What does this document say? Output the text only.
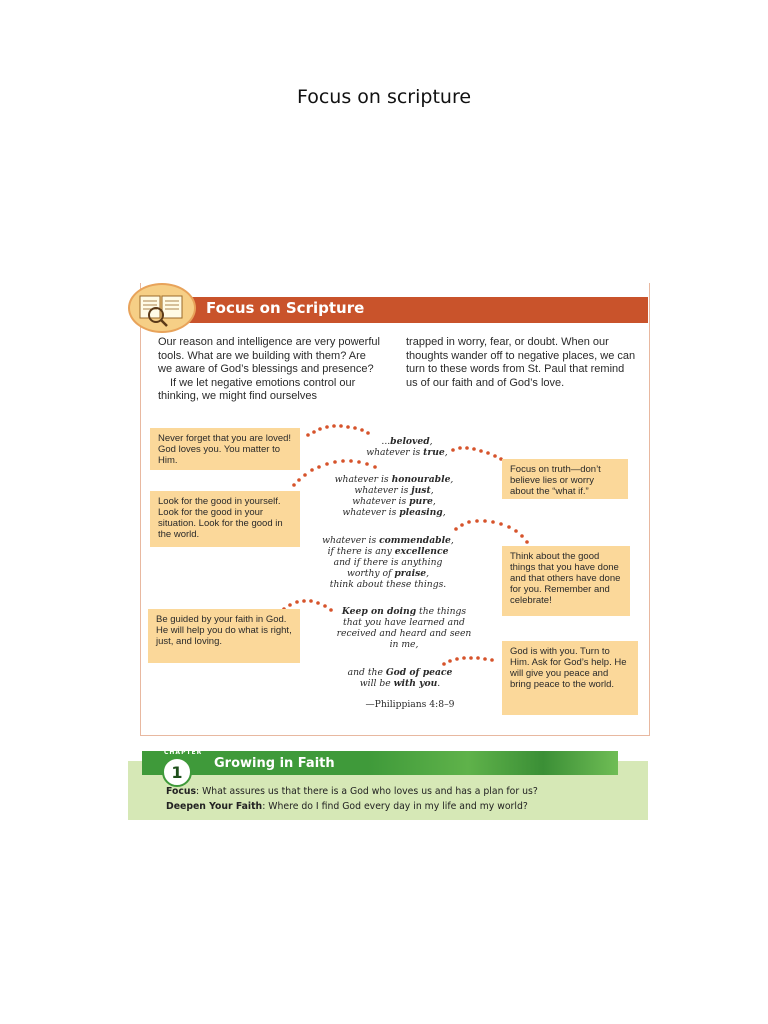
Focus on scripture
Focus on Scripture

Our reason and intelligence are very powerful tools. What are we building with them? Are we aware of God’s blessings and presence?

If we let negative emotions control our thinking, we might find ourselves

trapped in worry, fear, or doubt. When our thoughts wander off to negative places, we can turn to these words from St. Paul that remind us of our faith and of God’s love.

Never forget that you are loved! God loves you. You matter to Him.
Look for the good in yourself. Look for the good in your situation. Look for the good in the world.
Be guided by your faith in God. He will help you do what is right, just, and loving.
Focus on truth—don’t believe lies or worry about the “what if.”
Think about the good things that you have done and that others have done for you. Remember and celebrate!
God is with you. Turn to Him. Ask for God’s help. He will give you peace and bring peace to the world.
...beloved,
whatever is true,
whatever is honourable,
whatever is just,
whatever is pure,
whatever is pleasing,
whatever is commendable,
if there is any excellence
and if there is anything
worthy of praise,
think about these things.
Keep on doing the things
that you have learned and
received and heard and seen
in me,
and the God of peace
will be with you.
—Philippians 4:8–9
1
CHAPTER
Growing in Faith
Focus: What assures us that there is a God who loves us and has a plan for us?
Deepen Your Faith: Where do I find God every day in my life and my world?
